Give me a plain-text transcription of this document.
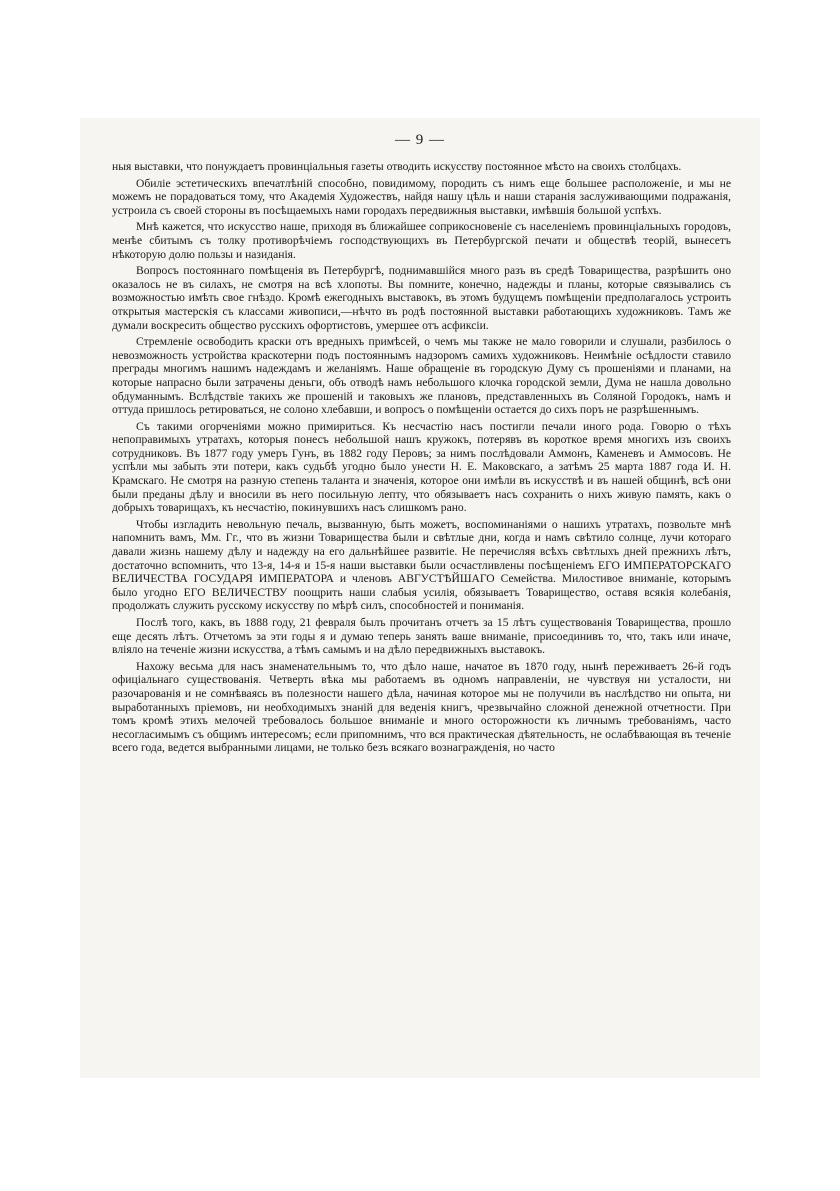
— 9 —

ныя выставки, что понуждаетъ провинціальныя газеты отводить искусству постоянное мѣсто на своихъ столбцахъ.

Обиліе эстетическихъ впечатлѣній способно, повидимому, породить съ нимъ еще большее расположеніе, и мы не можемъ не порадоваться тому, что Академія Художествъ, найдя нашу цѣль и наши старанія заслуживающими подражанія, устроила съ своей стороны въ посѣщаемыхъ нами городахъ передвижныя выставки, имѣвшія большой успѣхъ.

Мнѣ кажется, что искусство наше, приходя въ ближайшее соприкосновеніе съ населеніемъ провинціальныхъ городовъ, менѣе сбитымъ съ толку противорѣчіемъ господствующихъ въ Петербургской печати и обществѣ теорій, вынесетъ нѣкоторую долю пользы и назиданія.

Вопросъ постояннаго помѣщенія въ Петербургѣ, поднимавшійся много разъ въ средѣ Товарищества, разрѣшить оно оказалось не въ силахъ, не смотря на всѣ хлопоты. Вы помните, конечно, надежды и планы, которые связывались съ возможностью имѣть свое гнѣздо. Кромѣ ежегодныхъ выставокъ, въ этомъ будущемъ помѣщеніи предполагалось устроить открытыя мастерскія съ классами живописи,—нѣчто въ родѣ постоянной выставки работающихъ художниковъ. Тамъ же думали воскресить общество русскихъ офортистовъ, умершее отъ асфиксіи.

Стремленіе освободить краски отъ вредныхъ примѣсей, о чемъ мы также не мало говорили и слушали, разбилось о невозможность устройства краскотерни подъ постояннымъ надзоромъ самихъ художниковъ. Неимѣніе осѣдлости ставило преграды многимъ нашимъ надеждамъ и желаніямъ. Наше обращеніе въ городскую Думу съ прошеніями и планами, на которые напрасно были затрачены деньги, объ отводѣ намъ небольшого клочка городской земли, Дума не нашла довольно обдуманнымъ. Вслѣдствіе такихъ же прошеній и таковыхъ же плановъ, представленныхъ въ Соляной Городокъ, намъ и оттуда пришлось ретироваться, не солоно хлебавши, и вопросъ о помѣщеніи остается до сихъ поръ не разрѣшеннымъ.

Съ такими огорченіями можно примириться. Къ несчастію насъ постигли печали иного рода. Говорю о тѣхъ непоправимыхъ утратахъ, которыя понесъ небольшой нашъ кружокъ, потерявъ въ короткое время многихъ изъ своихъ сотрудниковъ. Въ 1877 году умеръ Гунъ, въ 1882 году Перовъ; за нимъ послѣдовали Аммонъ, Каменевъ и Аммосовъ. Не успѣли мы забыть эти потери, какъ судьбѣ угодно было унести Н. Е. Маковскаго, а затѣмъ 25 марта 1887 года И. Н. Крамскаго. Не смотря на разную степень таланта и значенія, которое они имѣли въ искусствѣ и въ нашей общинѣ, всѣ они были преданы дѣлу и вносили въ него посильную лепту, что обязываетъ насъ сохранить о нихъ живую память, какъ о добрыхъ товарищахъ, къ несчастію, покинувшихъ насъ слишкомъ рано.

Чтобы изгладить невольную печаль, вызванную, быть можетъ, воспоминаніями о нашихъ утратахъ, позвольте мнѣ напомнить вамъ, Мм. Гг., что въ жизни Товарищества были и свѣтлые дни, когда и намъ свѣтило солнце, лучи котораго давали жизнь нашему дѣлу и надежду на его дальнѣйшее развитіе. Не перечисляя всѣхъ свѣтлыхъ дней прежнихъ лѣтъ, достаточно вспомнить, что 13-я, 14-я и 15-я наши выставки были осчастливлены посѣщеніемъ ЕГО ИМПЕРАТОРСКАГО ВЕЛИЧЕСТВА ГОСУДАРЯ ИМПЕРАТОРА и членовъ АВГУСТѢЙШАГО Семейства. Милостивое вниманіе, которымъ было угодно ЕГО ВЕЛИЧЕСТВУ поощрить наши слабыя усилія, обязываетъ Товарищество, оставя всякія колебанія, продолжать служить русскому искусству по мѣрѣ силъ, способностей и пониманія.

Послѣ того, какъ, въ 1888 году, 21 февраля былъ прочитанъ отчетъ за 15 лѣтъ существованія Товарищества, прошло еще десять лѣтъ. Отчетомъ за эти годы я и думаю теперь занять ваше вниманіе, присоединивъ то, что, такъ или иначе, вліяло на теченіе жизни искусства, а тѣмъ самымъ и на дѣло передвижныхъ выставокъ.

Нахожу весьма для насъ знаменательнымъ то, что дѣло наше, начатое въ 1870 году, нынѣ переживаетъ 26-й годъ офиціальнаго существованія. Четверть вѣка мы работаемъ въ одномъ направленіи, не чувствуя ни усталости, ни разочарованія и не сомнѣваясь въ полезности нашего дѣла, начиная которое мы не получили въ наслѣдство ни опыта, ни выработанныхъ пріемовъ, ни необходимыхъ знаній для веденія книгъ, чрезвычайно сложной денежной отчетности. При томъ кромѣ этихъ мелочей требовалось большое вниманіе и много осторожности къ личнымъ требованіямъ, часто несогласимымъ съ общимъ интересомъ; если припомнимъ, что вся практическая дѣятельность, не ослабѣвающая въ теченіе всего года, ведется выбранными лицами, не только безъ всякаго вознагражденія, но часто
